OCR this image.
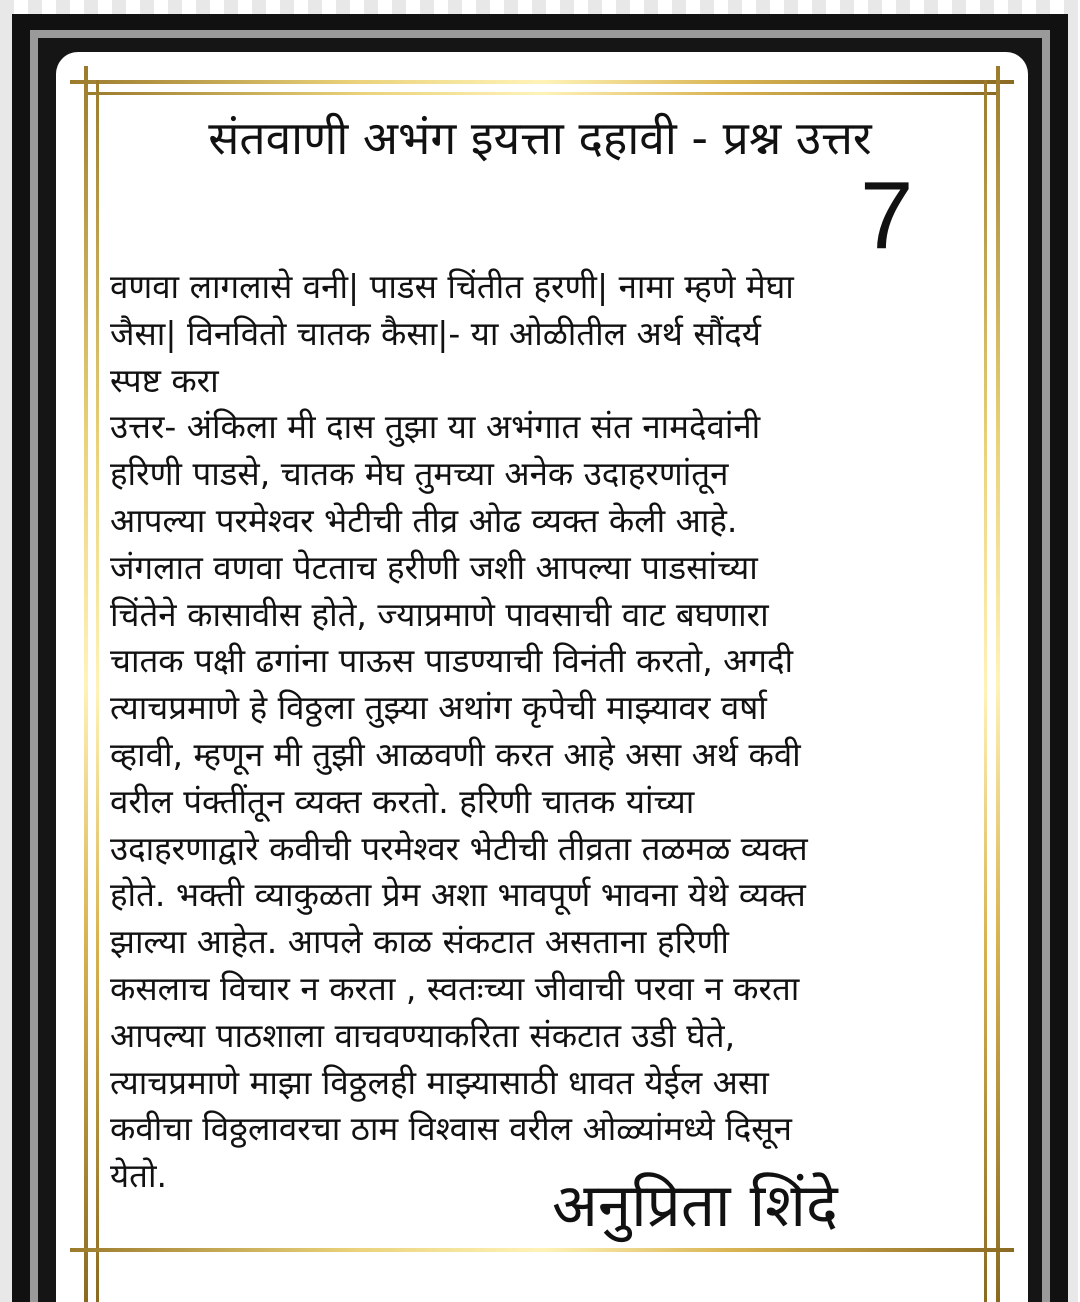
संतवाणी अभंग इयत्ता दहावी - प्रश्न उत्तर
7
वणवा लागलासे वनी| पाडस चिंतीत हरणी| नामा म्हणे मेघा
जैसा| विनवितो चातक कैसा|- या ओळीतील अर्थ सौंदर्य
स्पष्ट करा
उत्तर- अंकिला मी दास तुझा या अभंगात संत नामदेवांनी
हरिणी पाडसे, चातक मेघ तुमच्या अनेक उदाहरणांतून
आपल्या परमेश्वर भेटीची तीव्र ओढ व्यक्त केली आहे.
जंगलात वणवा पेटताच हरीणी जशी आपल्या पाडसांच्या
चिंतेने कासावीस होते, ज्याप्रमाणे पावसाची वाट बघणारा
चातक पक्षी ढगांना पाऊस पाडण्याची विनंती करतो, अगदी
त्याचप्रमाणे हे विठ्ठला तुझ्या अथांग कृपेची माझ्यावर वर्षा
व्हावी, म्हणून मी तुझी आळवणी करत आहे असा अर्थ कवी
वरील पंक्तींतून व्यक्त करतो. हरिणी चातक यांच्या
उदाहरणाद्वारे कवीची परमेश्वर भेटीची तीव्रता तळमळ व्यक्त
होते. भक्ती व्याकुळता प्रेम अशा भावपूर्ण भावना येथे व्यक्त
झाल्या आहेत. आपले काळ संकटात असताना हरिणी
कसलाच विचार न करता , स्वतःच्या जीवाची परवा न करता
आपल्या पाठशाला वाचवण्याकरिता संकटात उडी घेते,
त्याचप्रमाणे माझा विठ्ठलही माझ्यासाठी धावत येईल असा
कवीचा विठ्ठलावरचा ठाम विश्वास वरील ओळ्यांमध्ये दिसून
येतो.	अनुप्रिता शिंदे
